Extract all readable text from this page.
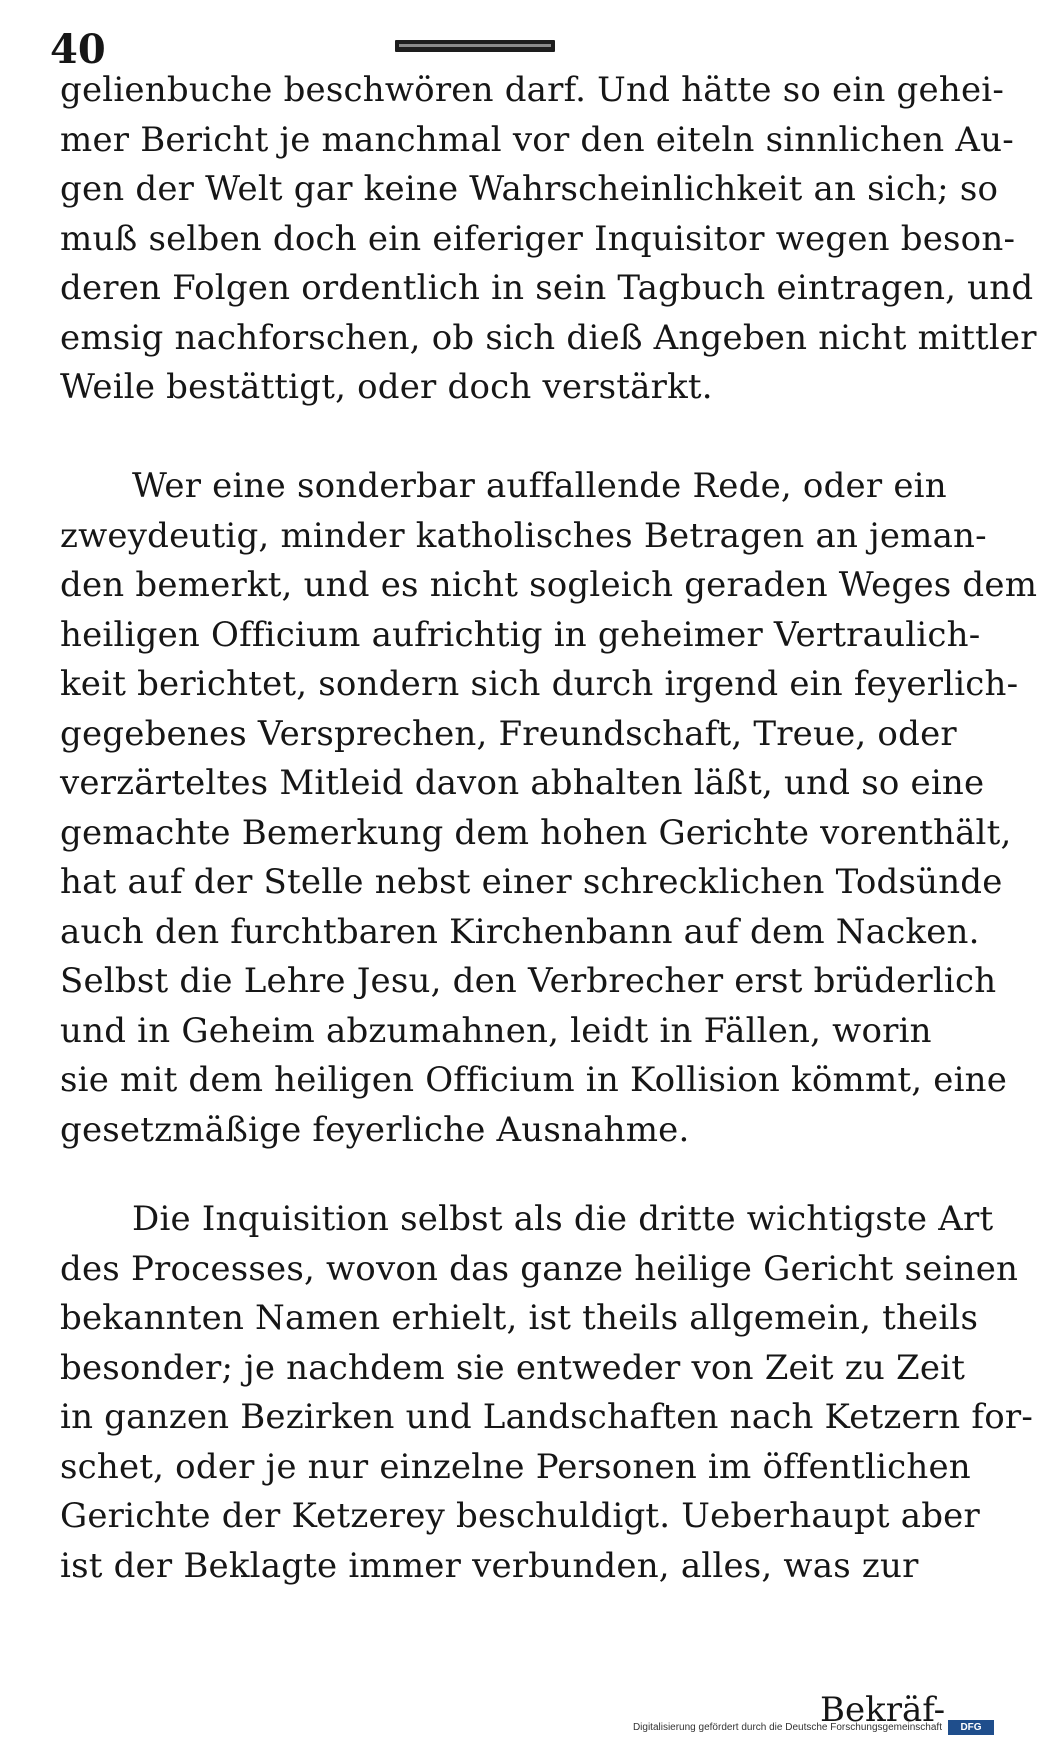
40
gelienbuche beschwören darf. Und hätte so ein gehei-
mer Bericht je manchmal vor den eiteln sinnlichen Au-
gen der Welt gar keine Wahrscheinlichkeit an sich; so
muß selben doch ein eiferiger Inquisitor wegen beson-
deren Folgen ordentlich in sein Tagbuch eintragen, und
emsig nachforschen, ob sich dieß Angeben nicht mittler
Weile bestättigt, oder doch verstärkt.
Wer eine sonderbar auffallende Rede, oder ein
zweydeutig, minder katholisches Betragen an jeman-
den bemerkt, und es nicht sogleich geraden Weges dem
heiligen Officium aufrichtig in geheimer Vertraulich-
keit berichtet, sondern sich durch irgend ein feyerlich-
gegebenes Versprechen, Freundschaft, Treue, oder
verzärteltes Mitleid davon abhalten läßt, und so eine
gemachte Bemerkung dem hohen Gerichte vorenthält,
hat auf der Stelle nebst einer schrecklichen Todsünde
auch den furchtbaren Kirchenbann auf dem Nacken.
Selbst die Lehre Jesu, den Verbrecher erst brüderlich
und in Geheim abzumahnen, leidt in Fällen, worin
sie mit dem heiligen Officium in Kollision kömmt, eine
gesetzmäßige feyerliche Ausnahme.
Die Inquisition selbst als die dritte wichtigste Art
des Processes, wovon das ganze heilige Gericht seinen
bekannten Namen erhielt, ist theils allgemein, theils
besonder; je nachdem sie entweder von Zeit zu Zeit
in ganzen Bezirken und Landschaften nach Ketzern for-
schet, oder je nur einzelne Personen im öffentlichen
Gerichte der Ketzerey beschuldigt. Ueberhaupt aber
ist der Beklagte immer verbunden, alles, was zur
Bekräf-
Digitalisierung gefördert durch die Deutsche Forschungsgemeinschaft	DFG
